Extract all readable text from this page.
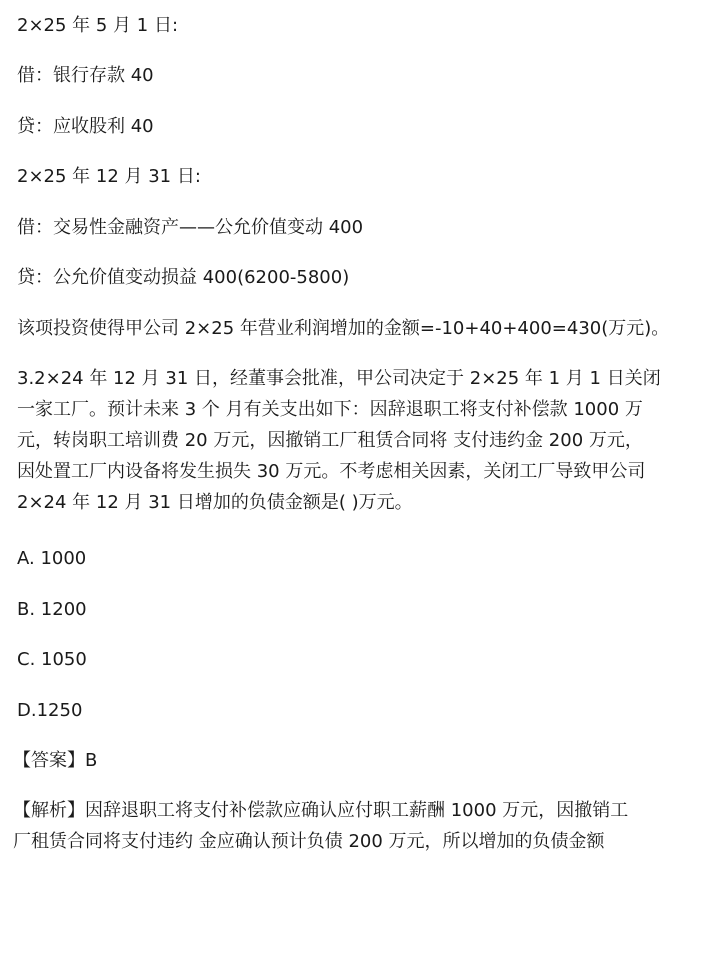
2×25 年 5 月 1 日:

借：银行存款 40

贷：应收股利 40

2×25 年 12 月 31 日:

借：交易性金融资产——公允价值变动 400

贷：公允价值变动损益 400(6200-5800)

该项投资使得甲公司 2×25 年营业利润增加的金额=-10+40+400=430(万元)。

3.2×24 年 12 月 31 日，经董事会批准，甲公司决定于 2×25 年 1 月 1 日关闭

一家工厂。预计未来 3 个 月有关支出如下：因辞退职工将支付补偿款 1000 万

元，转岗职工培训费 20 万元，因撤销工厂租赁合同将 支付违约金 200 万元，

因处置工厂内设备将发生损失 30 万元。不考虑相关因素，关闭工厂导致甲公司

2×24 年 12 月 31 日增加的负债金额是( )万元。

A. 1000

B. 1200

C. 1050

D.1250

【答案】B

【解析】因辞退职工将支付补偿款应确认应付职工薪酬 1000 万元，因撤销工

厂租赁合同将支付违约 金应确认预计负债 200 万元，所以增加的负债金额
